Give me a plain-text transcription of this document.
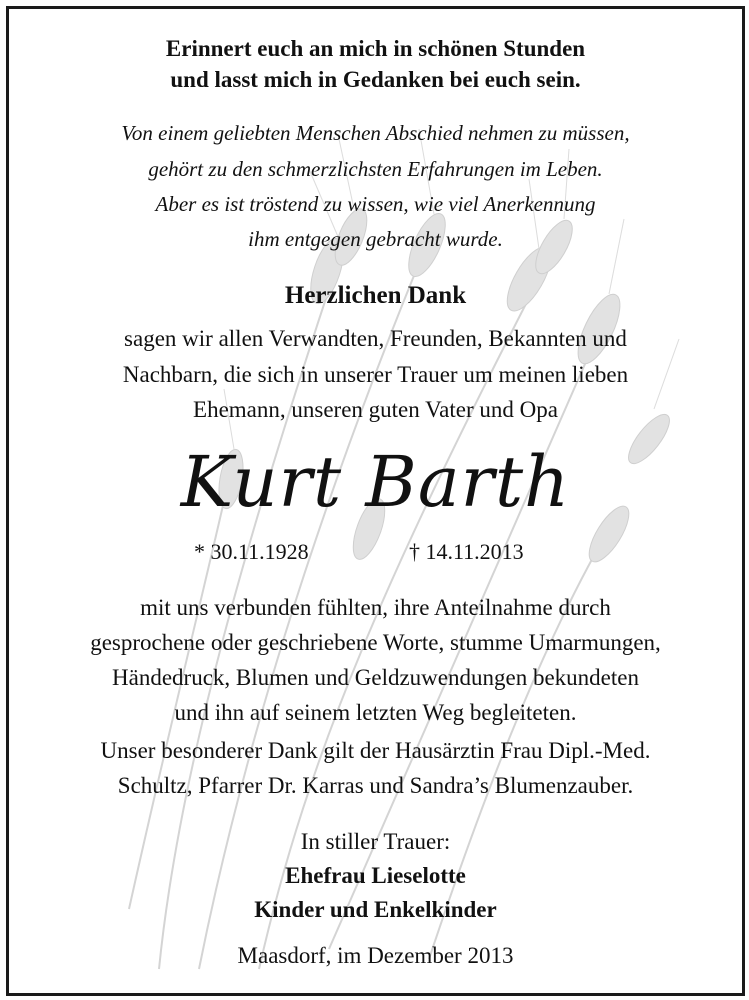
Erinnert euch an mich in schönen Stunden
und lasst mich in Gedanken bei euch sein.
Von einem geliebten Menschen Abschied nehmen zu müssen,
gehört zu den schmerzlichsten Erfahrungen im Leben.
Aber es ist tröstend zu wissen, wie viel Anerkennung
ihm entgegen gebracht wurde.
Herzlichen Dank
sagen wir allen Verwandten, Freunden, Bekannten und
Nachbarn, die sich in unserer Trauer um meinen lieben
Ehemann, unseren guten Vater und Opa
Kurt Barth
* 30.11.1928	† 14.11.2013
mit uns verbunden fühlten, ihre Anteilnahme durch
gesprochene oder geschriebene Worte, stumme Umarmungen,
Händedruck, Blumen und Geldzuwendungen bekundeten
und ihn auf seinem letzten Weg begleiteten.
Unser besonderer Dank gilt der Hausärztin Frau Dipl.-Med.
Schultz, Pfarrer Dr. Karras und Sandra’s Blumenzauber.
In stiller Trauer:
Ehefrau Lieselotte
Kinder und Enkelkinder
Maasdorf, im Dezember 2013
